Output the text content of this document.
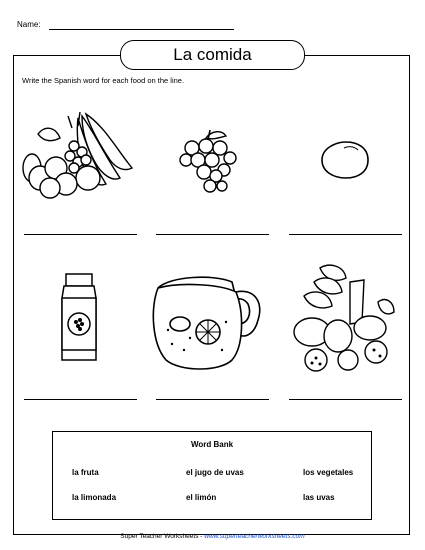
Name:
La comida
Write the Spanish word for each food on the line.
Word Bank
la fruta	el jugo de uvas	los vegetales
la limonada	el limón	las uvas
Super Teacher Worksheets - www.superteacherworksheets.com
